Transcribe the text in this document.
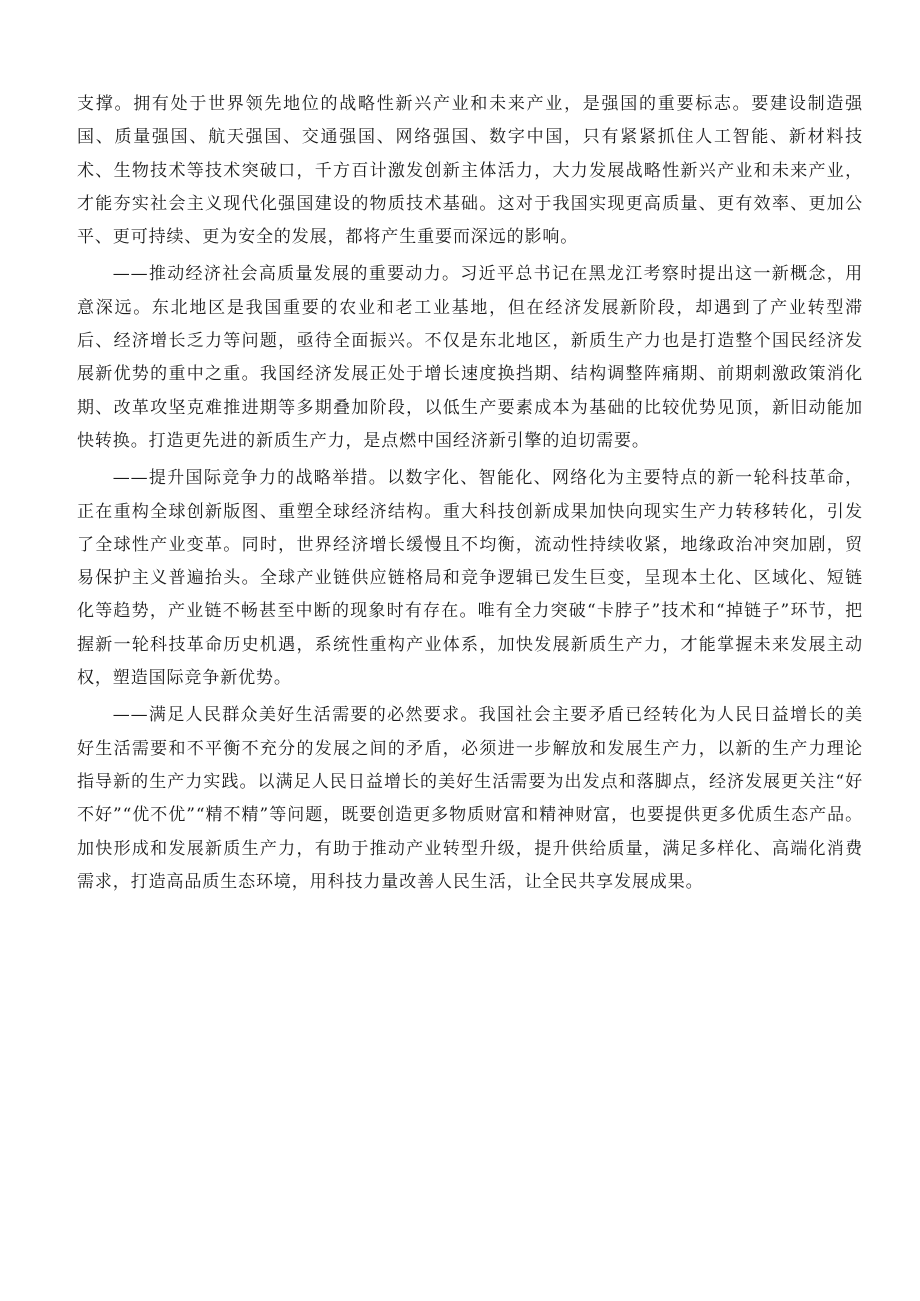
支撑。拥有处于世界领先地位的战略性新兴产业和未来产业，是强国的重要标志。要建设制造强国、质量强国、航天强国、交通强国、网络强国、数字中国，只有紧紧抓住人工智能、新材料技术、生物技术等技术突破口，千方百计激发创新主体活力，大力发展战略性新兴产业和未来产业，才能夯实社会主义现代化强国建设的物质技术基础。这对于我国实现更高质量、更有效率、更加公平、更可持续、更为安全的发展，都将产生重要而深远的影响。

——推动经济社会高质量发展的重要动力。习近平总书记在黑龙江考察时提出这一新概念，用意深远。东北地区是我国重要的农业和老工业基地，但在经济发展新阶段，却遇到了产业转型滞后、经济增长乏力等问题，亟待全面振兴。不仅是东北地区，新质生产力也是打造整个国民经济发展新优势的重中之重。我国经济发展正处于增长速度换挡期、结构调整阵痛期、前期刺激政策消化期、改革攻坚克难推进期等多期叠加阶段，以低生产要素成本为基础的比较优势见顶，新旧动能加快转换。打造更先进的新质生产力，是点燃中国经济新引擎的迫切需要。

——提升国际竞争力的战略举措。以数字化、智能化、网络化为主要特点的新一轮科技革命，正在重构全球创新版图、重塑全球经济结构。重大科技创新成果加快向现实生产力转移转化，引发了全球性产业变革。同时，世界经济增长缓慢且不均衡，流动性持续收紧，地缘政治冲突加剧，贸易保护主义普遍抬头。全球产业链供应链格局和竞争逻辑已发生巨变，呈现本土化、区域化、短链化等趋势，产业链不畅甚至中断的现象时有存在。唯有全力突破“卡脖子”技术和“掉链子”环节，把握新一轮科技革命历史机遇，系统性重构产业体系，加快发展新质生产力，才能掌握未来发展主动权，塑造国际竞争新优势。

——满足人民群众美好生活需要的必然要求。我国社会主要矛盾已经转化为人民日益增长的美好生活需要和不平衡不充分的发展之间的矛盾，必须进一步解放和发展生产力，以新的生产力理论指导新的生产力实践。以满足人民日益增长的美好生活需要为出发点和落脚点，经济发展更关注“好不好”“优不优”“精不精”等问题，既要创造更多物质财富和精神财富，也要提供更多优质生态产品。加快形成和发展新质生产力，有助于推动产业转型升级，提升供给质量，满足多样化、高端化消费需求，打造高品质生态环境，用科技力量改善人民生活，让全民共享发展成果。
